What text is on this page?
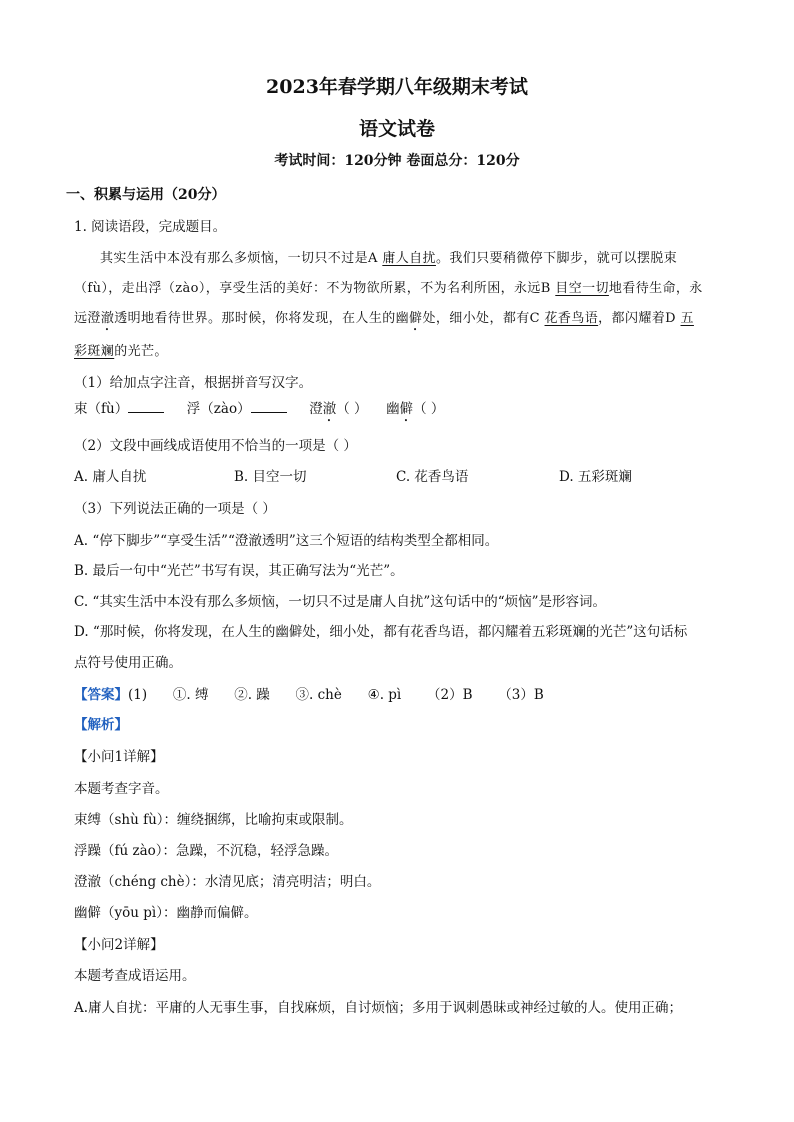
2023年春学期八年级期末考试
语文试卷
考试时间：120分钟 卷面总分：120分
一、积累与运用（20分）
1. 阅读语段，完成题目。
其实生活中本没有那么多烦恼，一切只不过是A 庸人自扰。我们只要稍微停下脚步，就可以摆脱束
（fù），走出浮（zào），享受生活的美好：不为物欲所累，不为名利所困，永远B 目空一切地看待生命，永
远澄澈透明地看待世界。那时候，你将发现，在人生的幽僻处，细小处，都有C 花香鸟语，都闪耀着D 五
彩斑斓的光芒。
（1）给加点字注音，根据拼音写汉字。
束（fù）	浮（zào）	澄澈（ ） 幽僻（ ）
（2）文段中画线成语使用不恰当的一项是（ ）
A. 庸人自扰	B. 目空一切	C. 花香鸟语	D. 五彩斑斓
（3）下列说法正确的一项是（ ）
A. “停下脚步”“享受生活”“澄澈透明”这三个短语的结构类型全都相同。
B. 最后一句中“光芒”书写有误，其正确写法为“光芒”。
C. “其实生活中本没有那么多烦恼，一切只不过是庸人自扰”这句话中的“烦恼”是形容词。
D. “那时候，你将发现，在人生的幽僻处，细小处，都有花香鸟语，都闪耀着五彩斑斓的光芒”这句话标
点符号使用正确。
【答案】(1)      ①. 缚      ②. 躁      ③. chè      ④. pì      （2）B      （3）B
【解析】
【小问1详解】
本题考查字音。
束缚（shù fù）：缠绕捆绑，比喻拘束或限制。
浮躁（fú zào）：急躁，不沉稳，轻浮急躁。
澄澈（chéng chè）：水清见底；清亮明洁；明白。
幽僻（yōu pì）：幽静而偏僻。
【小问2详解】
本题考查成语运用。
A.庸人自扰：平庸的人无事生事，自找麻烦，自讨烦恼；多用于讽刺愚昧或神经过敏的人。使用正确；
